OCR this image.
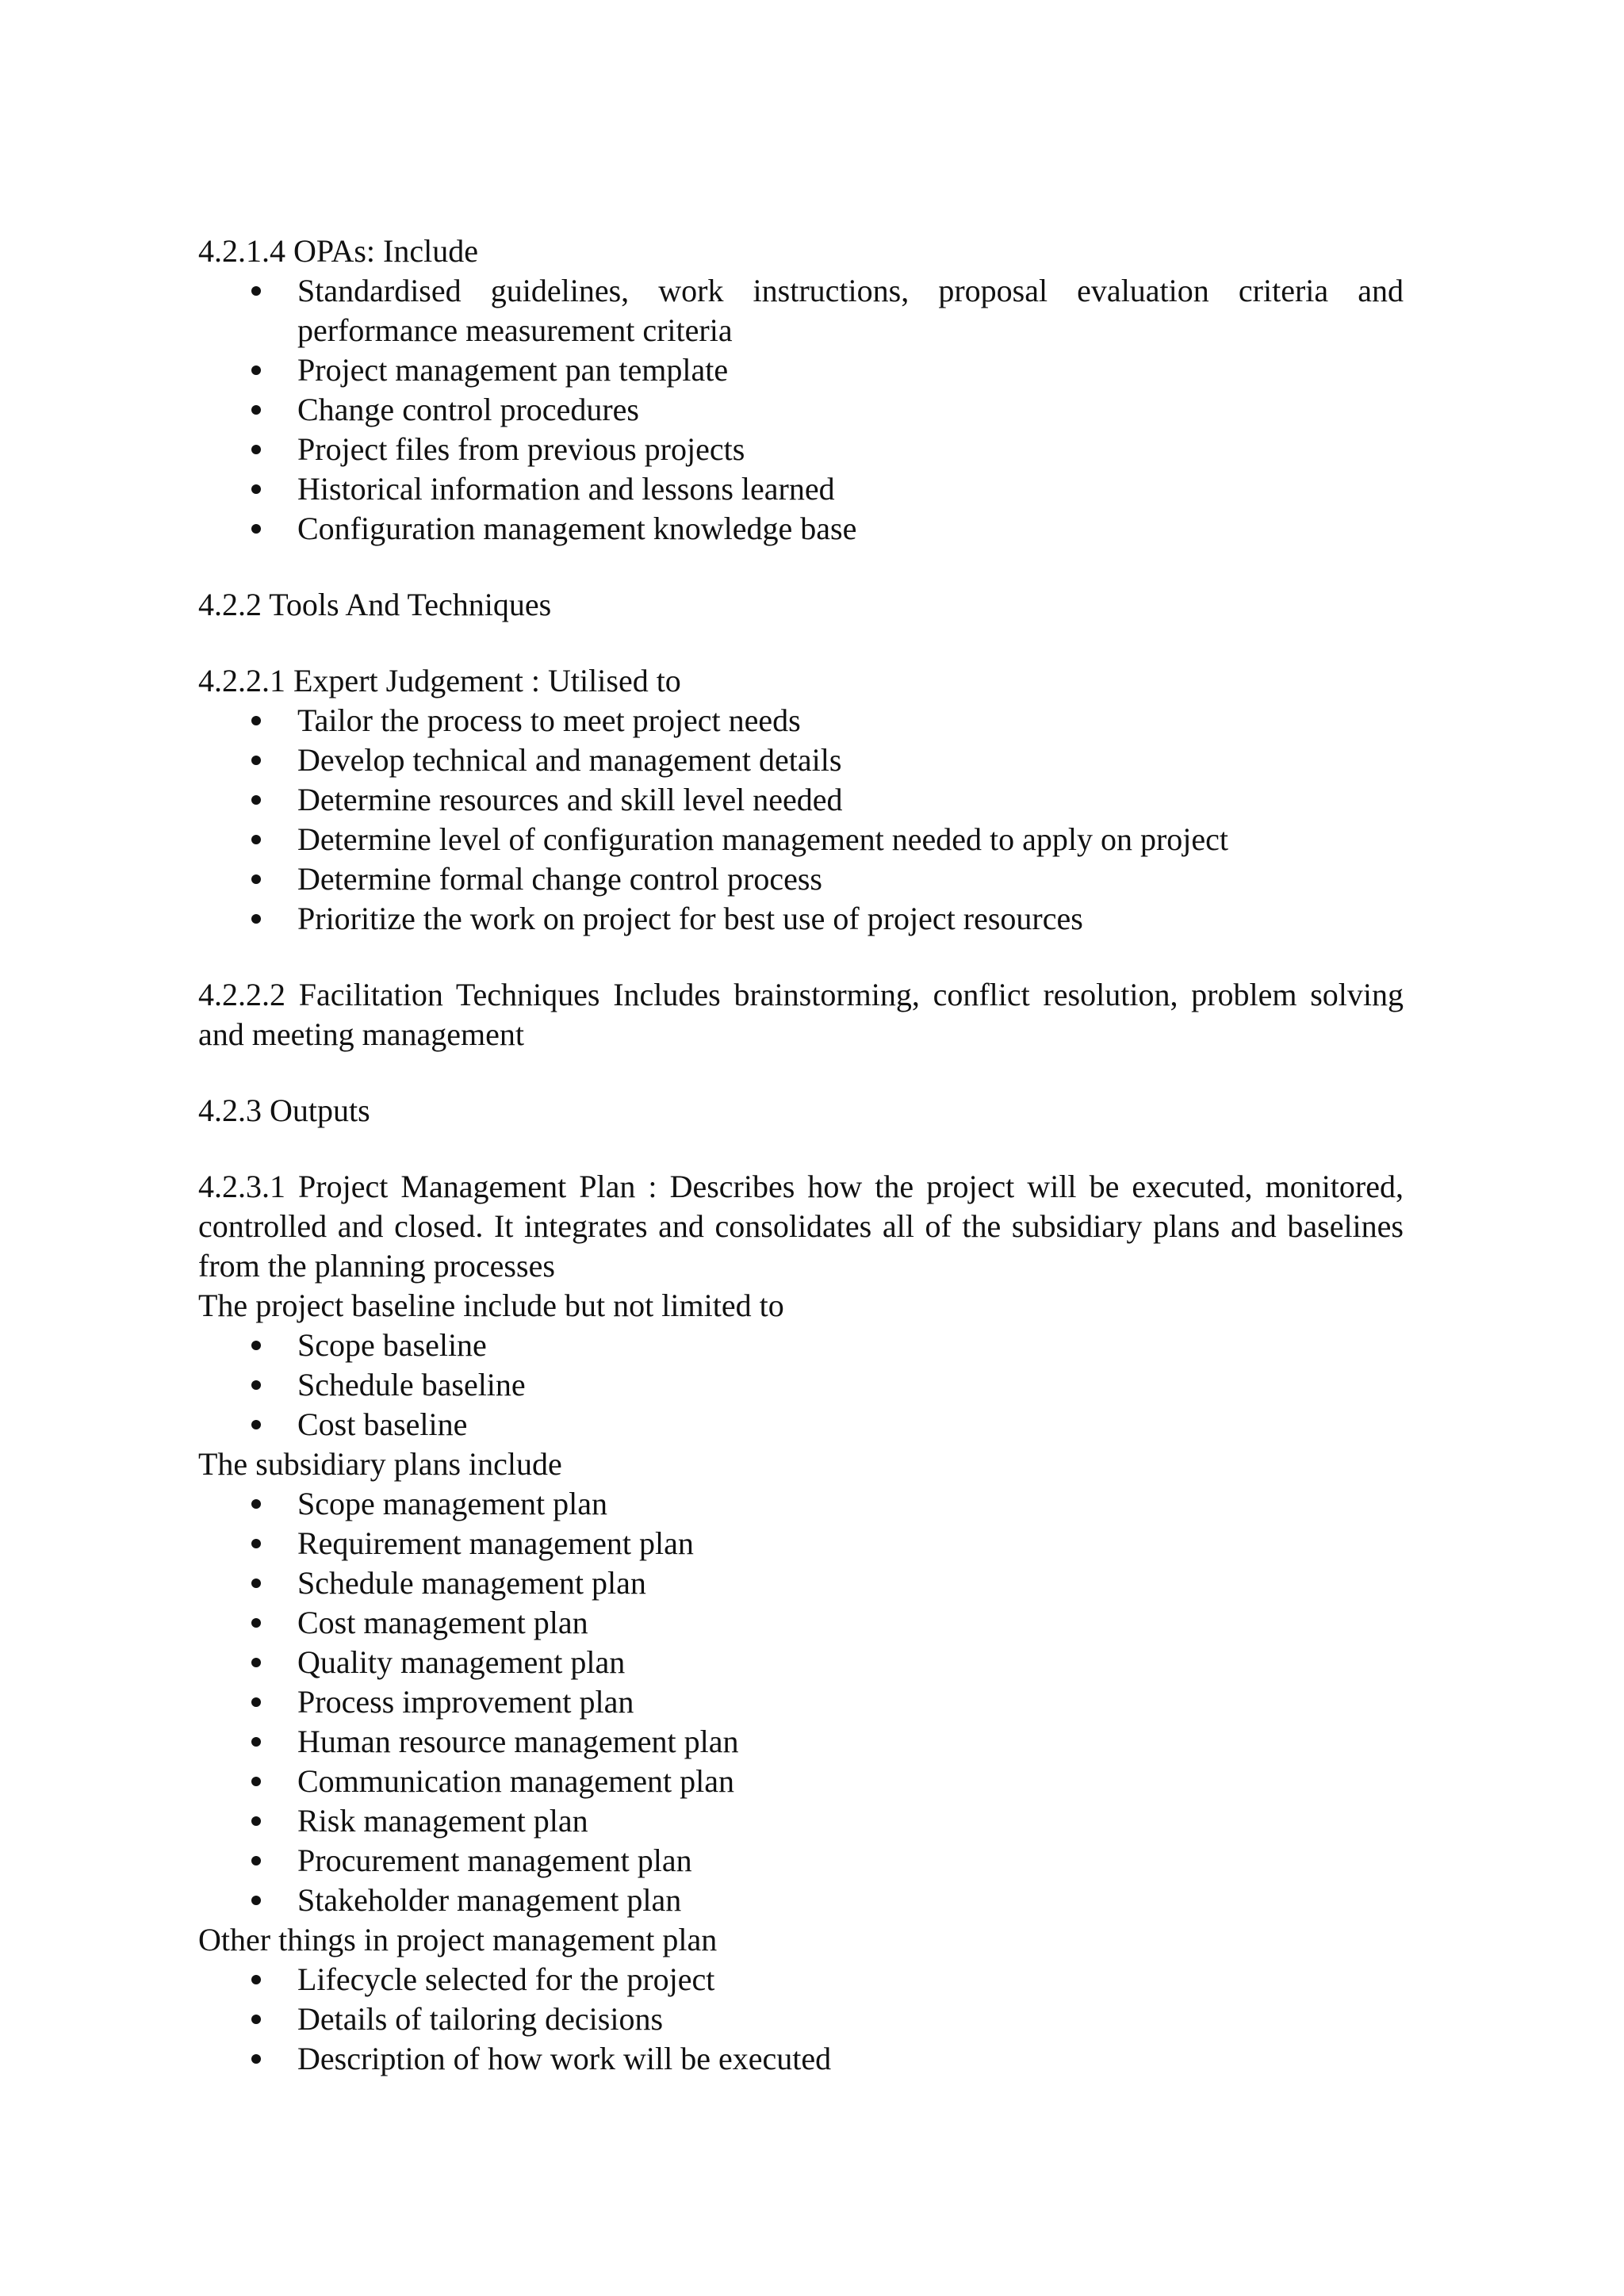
4.2.1.4 OPAs: Include

Standardised guidelines, work instructions, proposal evaluation criteria and performance measurement criteria
Project management pan template
Change control procedures
Project files from previous projects
Historical information and lessons learned
Configuration management knowledge base

4.2.2 Tools And Techniques

4.2.2.1 Expert Judgement : Utilised to

Tailor the process to meet project needs
Develop technical and management details
Determine resources and skill level needed
Determine level of configuration management needed to apply on project
Determine formal change control process
Prioritize the work on project for best use of project resources

4.2.2.2 Facilitation Techniques Includes brainstorming, conflict resolution, problem solving and meeting management

4.2.3 Outputs

4.2.3.1 Project Management Plan : Describes how the project will be executed, monitored, controlled and closed. It integrates and consolidates all of the subsidiary plans and baselines from the planning processes

The project baseline include but not limited to

Scope baseline
Schedule baseline
Cost baseline

The subsidiary plans include

Scope management plan
Requirement management plan
Schedule management plan
Cost management plan
Quality management plan
Process improvement plan
Human resource management plan
Communication management plan
Risk management plan
Procurement management plan
Stakeholder management plan

Other things in project management plan

Lifecycle selected for the project
Details of tailoring decisions
Description of how work will be executed
